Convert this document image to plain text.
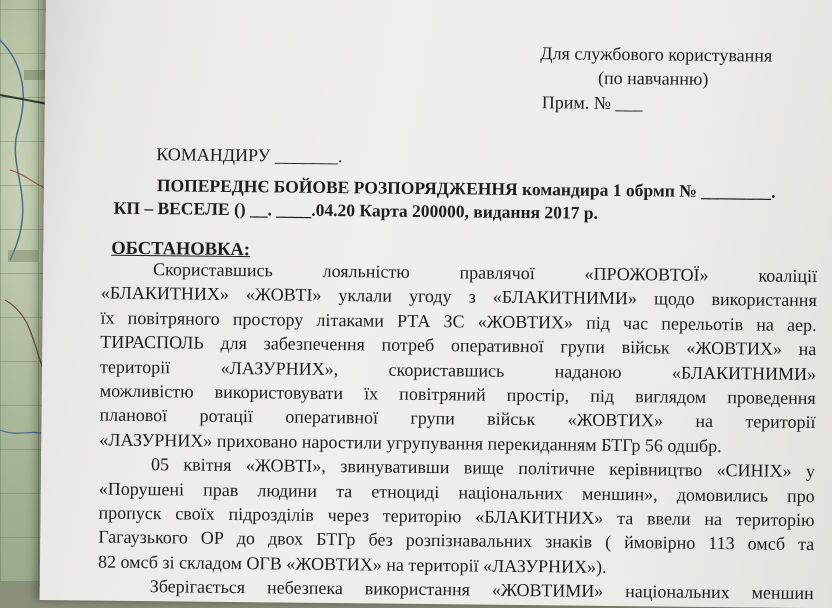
Для службового користування
(по навчанню)
Прим. № ___
КОМАНДИРУ _______.
ПОПЕРЕДНЄ БОЙОВЕ РОЗПОРЯДЖЕННЯ командира 1 обрмп № ________.
КП – ВЕСЕЛЕ () __. ____.04.20 Карта 200000, видання 2017 р.
ОБСТАНОВКА:
Скориставшись лояльністю правлячої «ПРОЖОВТОЇ» коаліції
«БЛАКИТНИХ» «ЖОВТІ» уклали угоду з «БЛАКИТНИМИ» щодо використання
їх повітряного простору літаками РТА ЗС «ЖОВТИХ» під час перельотів на аер.
ТИРАСПОЛЬ для забезпечення потреб оперативної групи військ «ЖОВТИХ» на
території «ЛАЗУРНИХ», скориставшись наданою «БЛАКИТНИМИ»
можливістю використовувати їх повітряний простір, під виглядом проведення
планової ротації оперативної групи військ «ЖОВТИХ» на території
«ЛАЗУРНИХ» приховано наростили угрупування перекиданням БТГр 56 одшбр.
05 квітня «ЖОВТІ», звинувативши вище політичне керівництво «СИНІХ» у
«Порушені прав людини та етноциді національних меншин», домовились про
пропуск своїх підрозділів через територію «БЛАКИТНИХ» та ввели на територію
Гагаузького ОР до двох БТГр без розпізнавальних знаків ( ймовірно 113 омсб та
82 омсб зі складом ОГВ «ЖОВТИХ» на території «ЛАЗУРНИХ»).
Зберігається небезпека використання «ЖОВТИМИ» національних меншин
